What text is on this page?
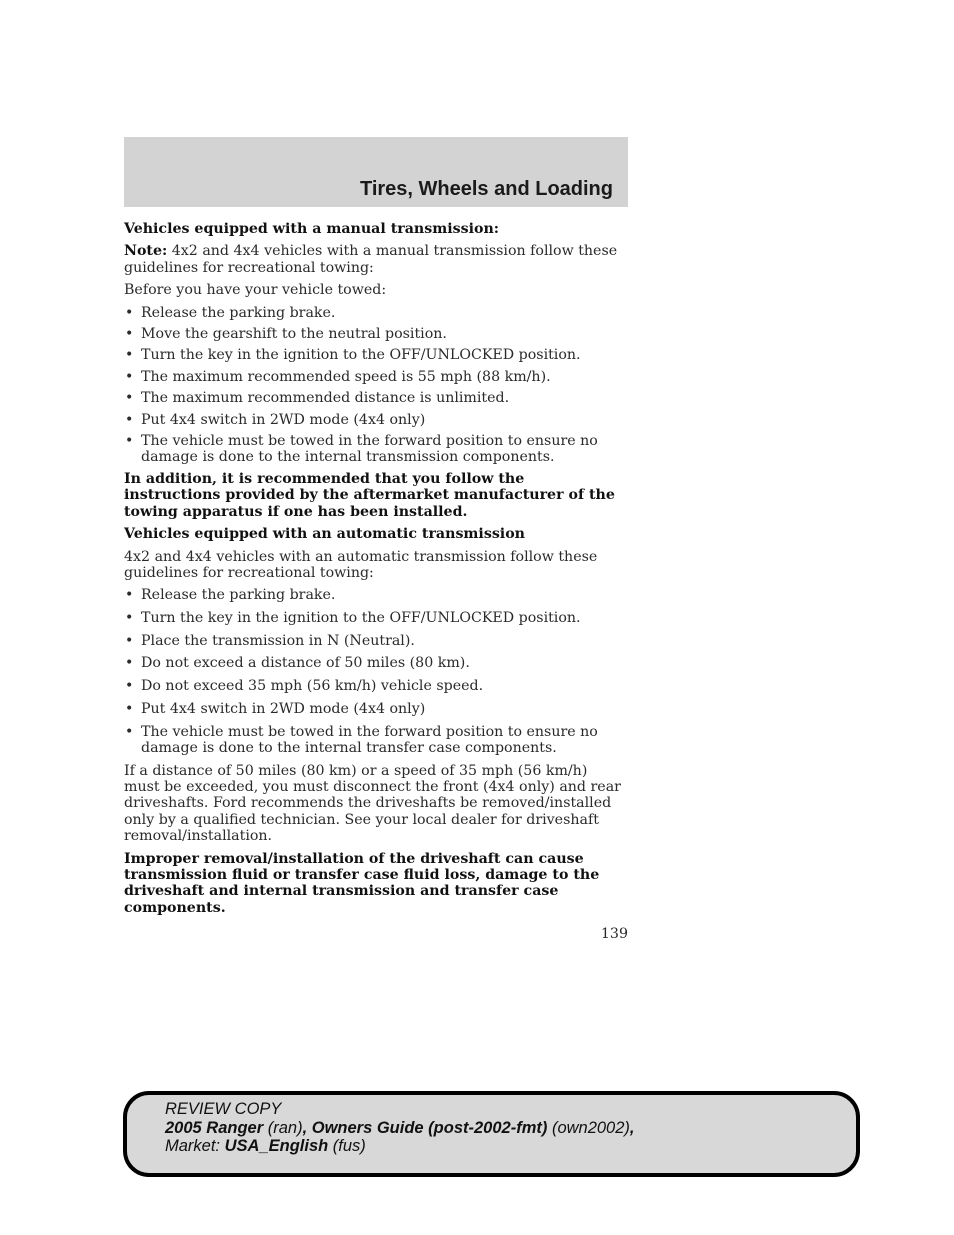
Tires, Wheels and Loading

Vehicles equipped with a manual transmission:

Note: 4x2 and 4x4 vehicles with a manual transmission follow these guidelines for recreational towing:

Before you have your vehicle towed:

• Release the parking brake.
• Move the gearshift to the neutral position.
• Turn the key in the ignition to the OFF/UNLOCKED position.
• The maximum recommended speed is 55 mph (88 km/h).
• The maximum recommended distance is unlimited.
• Put 4x4 switch in 2WD mode (4x4 only)
• The vehicle must be towed in the forward position to ensure no damage is done to the internal transmission components.

In addition, it is recommended that you follow the instructions provided by the aftermarket manufacturer of the towing apparatus if one has been installed.

Vehicles equipped with an automatic transmission

4x2 and 4x4 vehicles with an automatic transmission follow these guidelines for recreational towing:

• Release the parking brake.
• Turn the key in the ignition to the OFF/UNLOCKED position.
• Place the transmission in N (Neutral).
• Do not exceed a distance of 50 miles (80 km).
• Do not exceed 35 mph (56 km/h) vehicle speed.
• Put 4x4 switch in 2WD mode (4x4 only)
• The vehicle must be towed in the forward position to ensure no damage is done to the internal transfer case components.

If a distance of 50 miles (80 km) or a speed of 35 mph (56 km/h) must be exceeded, you must disconnect the front (4x4 only) and rear driveshafts. Ford recommends the driveshafts be removed/installed only by a qualified technician. See your local dealer for driveshaft removal/installation.

Improper removal/installation of the driveshaft can cause transmission fluid or transfer case fluid loss, damage to the driveshaft and internal transmission and transfer case components.

139
REVIEW COPY
2005 Ranger (ran), Owners Guide (post-2002-fmt) (own2002),
Market: USA_English (fus)
